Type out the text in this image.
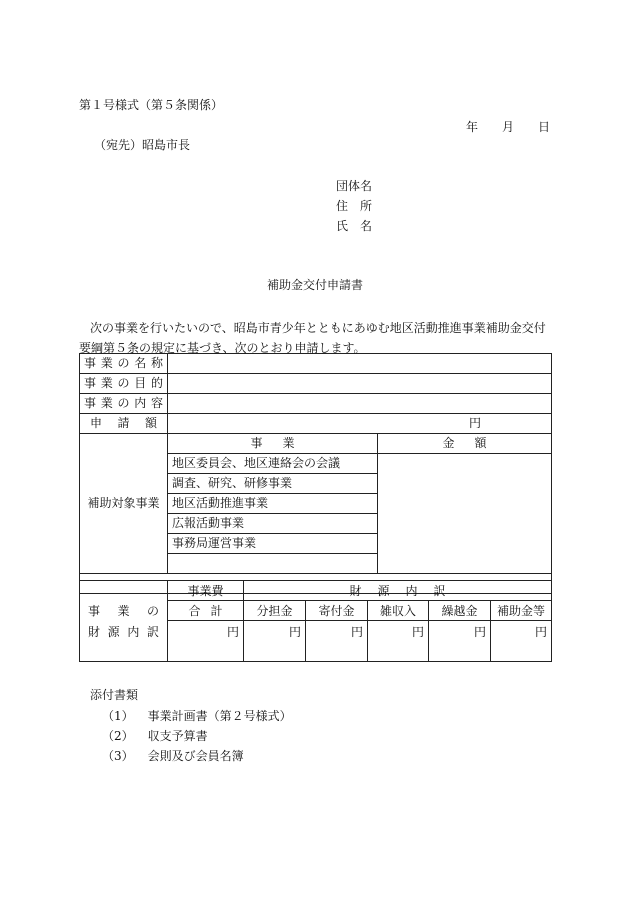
第１号様式（第５条関係）
年 月 日
（宛先）昭島市長
団体名
住 所
氏 名
補助金交付申請書
次の事業を行いたいので、昭島市青少年とともにあゆむ地区活動推進事業補助金交付
要綱第５条の規定に基づき、次のとおり申請します。
事 業 の 名 称		

事 業 の 目 的		

事 業 の 内 容		

申 請 額	円	
補助対象事業	事 業	金 額

	地区委員会、地区連絡会の会議	
	調査、研究、研修事業	
	地区活動推進事業	
	広報活動事業	
	事務局運営事業	

事 業 の	事業費	財 源 内 訳				

	合 計	分担金	寄付金	雑収入	繰越金	補助金等

財 源 内 訳	円	円	円	円	円	円
添付書類
（1） 事業計画書（第２号様式）
（2） 収支予算書
（3） 会則及び会員名簿
